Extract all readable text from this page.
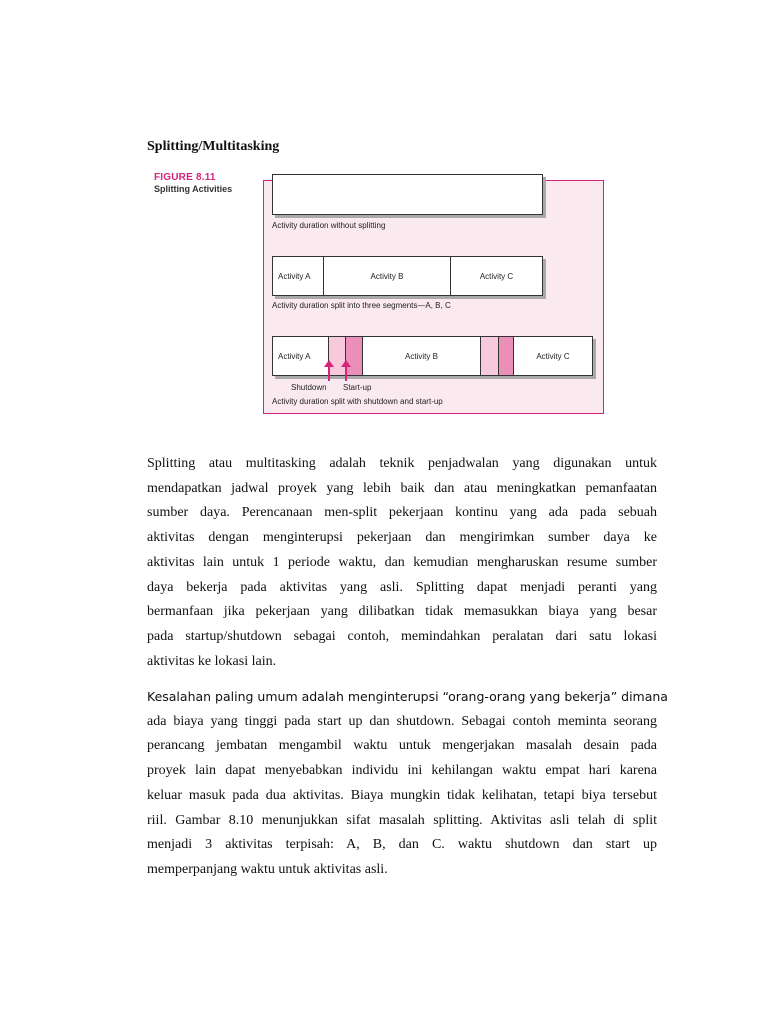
Splitting/Multitasking
FIGURE 8.11
Splitting Activities
Activity duration without splitting
Activity A	Activity B	Activity C
Activity duration split into three segments—A, B, C
Activity A	Activity B	Activity C
Shutdown Start-up
Activity duration split with shutdown and start-up
Splitting atau multitasking adalah teknik penjadwalan yang digunakan untuk
mendapatkan jadwal proyek yang lebih baik dan atau meningkatkan pemanfaatan
sumber daya. Perencanaan men-split pekerjaan kontinu yang ada pada sebuah
aktivitas dengan menginterupsi pekerjaan dan mengirimkan sumber daya ke
aktivitas lain untuk 1 periode waktu, dan kemudian mengharuskan resume sumber
daya bekerja pada aktivitas yang asli. Splitting dapat menjadi peranti yang
bermanfaan jika pekerjaan yang dilibatkan tidak memasukkan biaya yang besar
pada startup/shutdown sebagai contoh, memindahkan peralatan dari satu lokasi
aktivitas ke lokasi lain.
Kesalahan paling umum adalah menginterupsi “orang-orang yang bekerja” dimana
ada biaya yang tinggi pada start up dan shutdown. Sebagai contoh meminta seorang
perancang jembatan mengambil waktu untuk mengerjakan masalah desain pada
proyek lain dapat menyebabkan individu ini kehilangan waktu empat hari karena
keluar masuk pada dua aktivitas. Biaya mungkin tidak kelihatan, tetapi biya tersebut
riil. Gambar 8.10 menunjukkan sifat masalah splitting. Aktivitas asli telah di split
menjadi 3 aktivitas terpisah: A, B, dan C. waktu shutdown dan start up
memperpanjang waktu untuk aktivitas asli.
